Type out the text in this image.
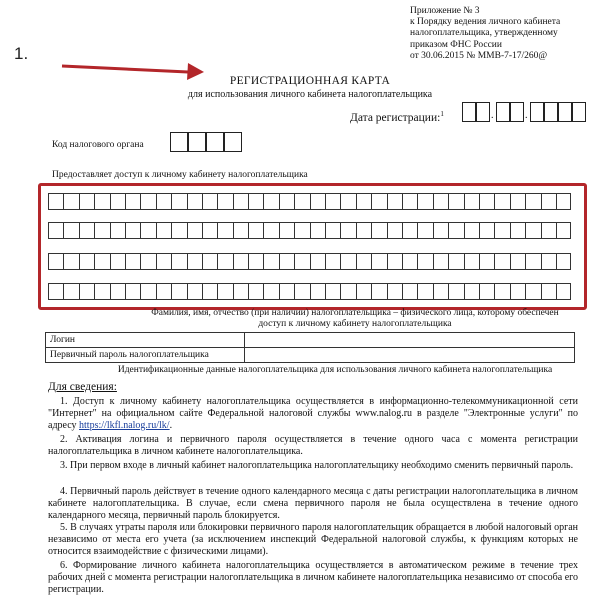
1.
Приложение № 3
к Порядку ведения личного кабинета
налогоплательщика, утвержденному
приказом ФНС России
от 30.06.2015 № ММВ-7-17/260@
РЕГИСТРАЦИОННАЯ КАРТА
для использования личного кабинета налогоплательщика
Дата регистрации:$^1$	.	.
Код налогового органа
Предоставляет доступ к личному кабинету налогоплательщика
Фамилия, имя, отчество (при наличии) налогоплательщика – физического лица, которому обеспечен доступ к личному кабинету налогоплательщика
Логин	
Первичный пароль налогоплательщика	
Идентификационные данные налогоплательщика для использования личного кабинета налогоплательщика
Для сведения:
1. Доступ к личному кабинету налогоплательщика осуществляется в информационно-телекоммуникационной сети "Интернет" на официальном сайте Федеральной налоговой службы www.nalog.ru в разделе "Электронные услуги" по адресу https://lkfl.nalog.ru/lk/.
2. Активация логина и первичного пароля осуществляется в течение одного часа с момента регистрации налогоплательщика в личном кабинете налогоплательщика.
3. При первом входе в личный кабинет налогоплательщика налогоплательщику необходимо сменить первичный пароль.
4. Первичный пароль действует в течение одного календарного месяца с даты регистрации налогоплательщика в личном кабинете налогоплательщика. В случае, если смена первичного пароля не была осуществлена в течение одного календарного месяца, первичный пароль блокируется.
5. В случаях утраты пароля или блокировки первичного пароля налогоплательщик обращается в любой налоговый орган независимо от места его учета (за исключением инспекций Федеральной налоговой службы, к функциям которых не относится взаимодействие с физическими лицами).
6. Формирование личного кабинета налогоплательщика осуществляется в автоматическом режиме в течение трех рабочих дней с момента регистрации налогоплательщика в личном кабинете налогоплательщика независимо от способа его регистрации.
